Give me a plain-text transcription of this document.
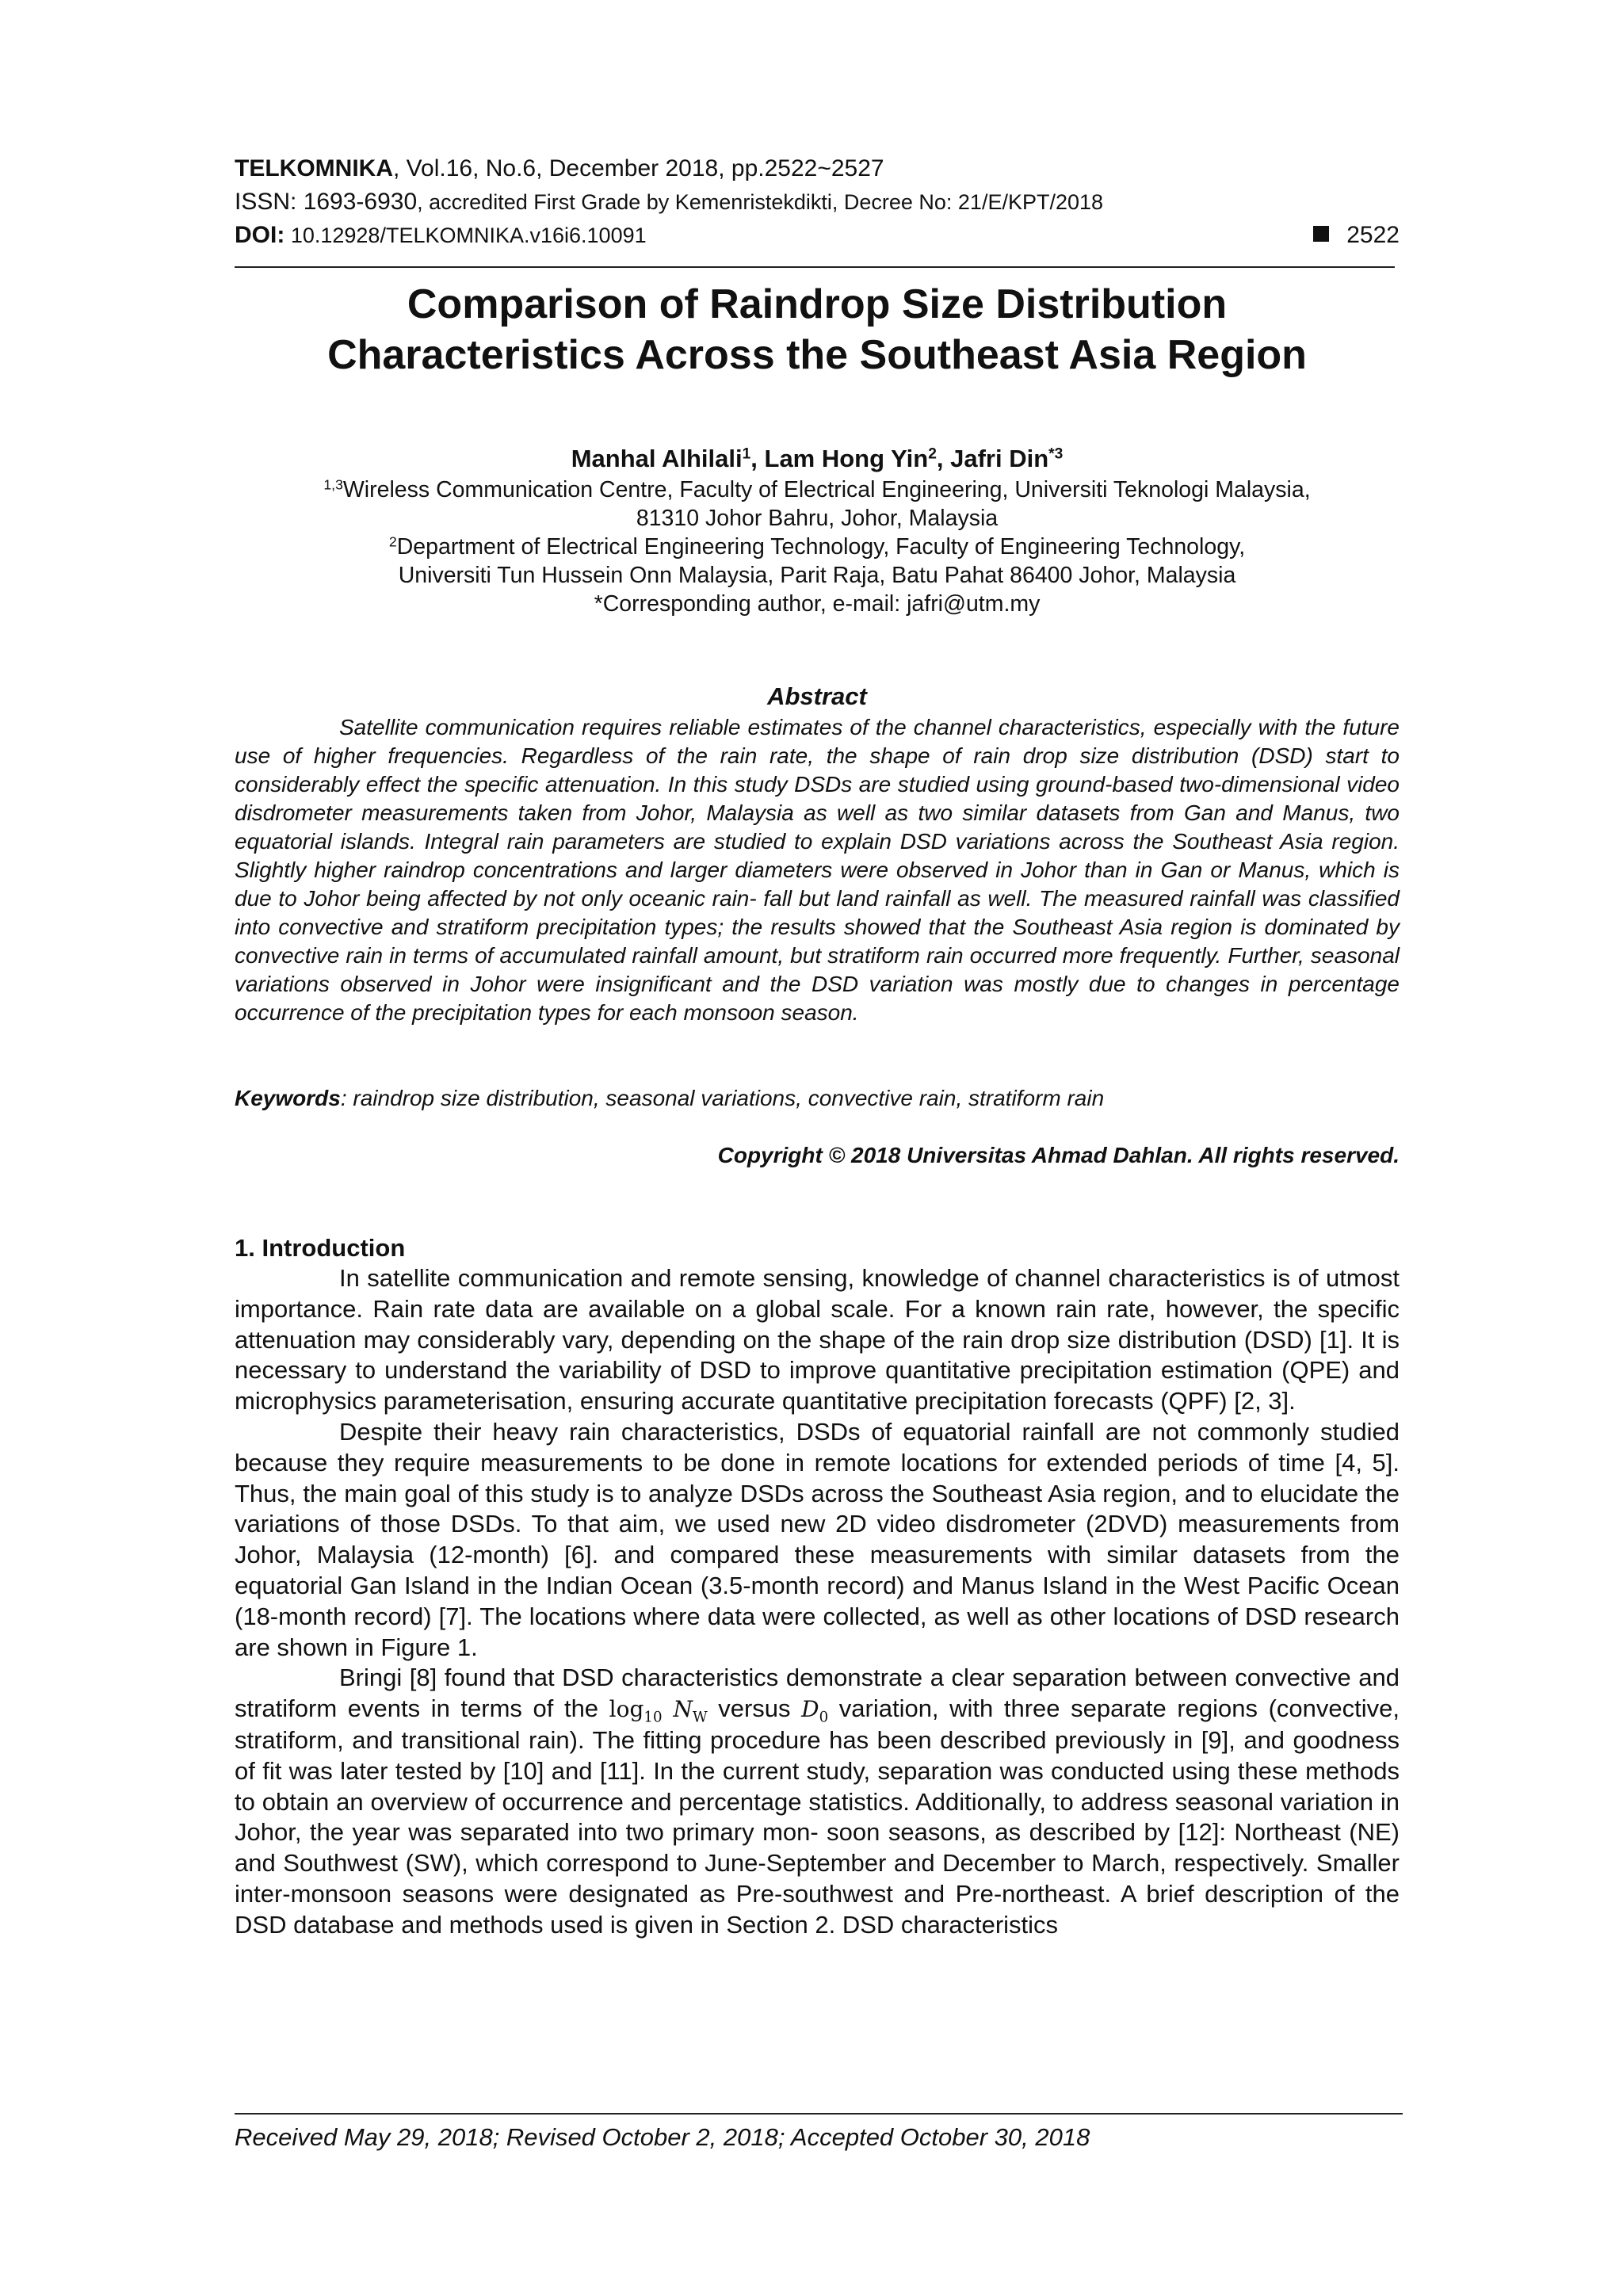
TELKOMNIKA, Vol.16, No.6, December 2018, pp.2522~2527
ISSN: 1693-6930, accredited First Grade by Kemenristekdikti, Decree No: 21/E/KPT/2018
DOI: 10.12928/TELKOMNIKA.v16i6.10091	2522
Comparison of Raindrop Size Distribution
Characteristics Across the Southeast Asia Region
Manhal Alhilali$^1$, Lam Hong Yin$^2$, Jafri Din$^{*3}$
$^{1,3}$Wireless Communication Centre, Faculty of Electrical Engineering, Universiti Teknologi Malaysia,
81310 Johor Bahru, Johor, Malaysia
$^2$Department of Electrical Engineering Technology, Faculty of Engineering Technology,
Universiti Tun Hussein Onn Malaysia, Parit Raja, Batu Pahat 86400 Johor, Malaysia
*Corresponding author, e-mail: jafri@utm.my
Abstract
Satellite communication requires reliable estimates of the channel characteristics, especially with the future use of higher frequencies. Regardless of the rain rate, the shape of rain drop size distribution (DSD) start to considerably effect the specific attenuation. In this study DSDs are studied using ground-based two-dimensional video disdrometer measurements taken from Johor, Malaysia as well as two similar datasets from Gan and Manus, two equatorial islands. Integral rain parameters are studied to explain DSD variations across the Southeast Asia region. Slightly higher raindrop concentrations and larger diameters were observed in Johor than in Gan or Manus, which is due to Johor being affected by not only oceanic rain- fall but land rainfall as well. The measured rainfall was classified into convective and stratiform precipitation types; the results showed that the Southeast Asia region is dominated by convective rain in terms of accumulated rainfall amount, but stratiform rain occurred more frequently. Further, seasonal variations observed in Johor were insignificant and the DSD variation was mostly due to changes in percentage occurrence of the precipitation types for each monsoon season.
Keywords: raindrop size distribution, seasonal variations, convective rain, stratiform rain
Copyright © 2018 Universitas Ahmad Dahlan. All rights reserved.
1. Introduction

In satellite communication and remote sensing, knowledge of channel characteristics is of utmost importance. Rain rate data are available on a global scale. For a known rain rate, however, the specific attenuation may considerably vary, depending on the shape of the rain drop size distribution (DSD) [1]. It is necessary to understand the variability of DSD to improve quantitative precipitation estimation (QPE) and microphysics parameterisation, ensuring accurate quantitative precipitation forecasts (QPF) [2, 3].

Despite their heavy rain characteristics, DSDs of equatorial rainfall are not commonly studied because they require measurements to be done in remote locations for extended periods of time [4, 5]. Thus, the main goal of this study is to analyze DSDs across the Southeast Asia region, and to elucidate the variations of those DSDs. To that aim, we used new 2D video disdrometer (2DVD) measurements from Johor, Malaysia (12-month) [6]. and compared these measurements with similar datasets from the equatorial Gan Island in the Indian Ocean (3.5-month record) and Manus Island in the West Pacific Ocean (18-month record) [7]. The locations where data were collected, as well as other locations of DSD research are shown in Figure 1.

Bringi [8] found that DSD characteristics demonstrate a clear separation between convective and stratiform events in terms of the $\log_{10} N_W$ versus $D_0$ variation, with three separate regions (convective, stratiform, and transitional rain). The fitting procedure has been described previously in [9], and goodness of fit was later tested by [10] and [11]. In the current study, separation was conducted using these methods to obtain an overview of occurrence and percentage statistics. Additionally, to address seasonal variation in Johor, the year was separated into two primary mon- soon seasons, as described by [12]: Northeast (NE) and Southwest (SW), which correspond to June-September and December to March, respectively. Smaller inter-monsoon seasons were designated as Pre-southwest and Pre-northeast. A brief description of the DSD database and methods used is given in Section 2. DSD characteristics

Received May 29, 2018; Revised October 2, 2018; Accepted October 30, 2018
